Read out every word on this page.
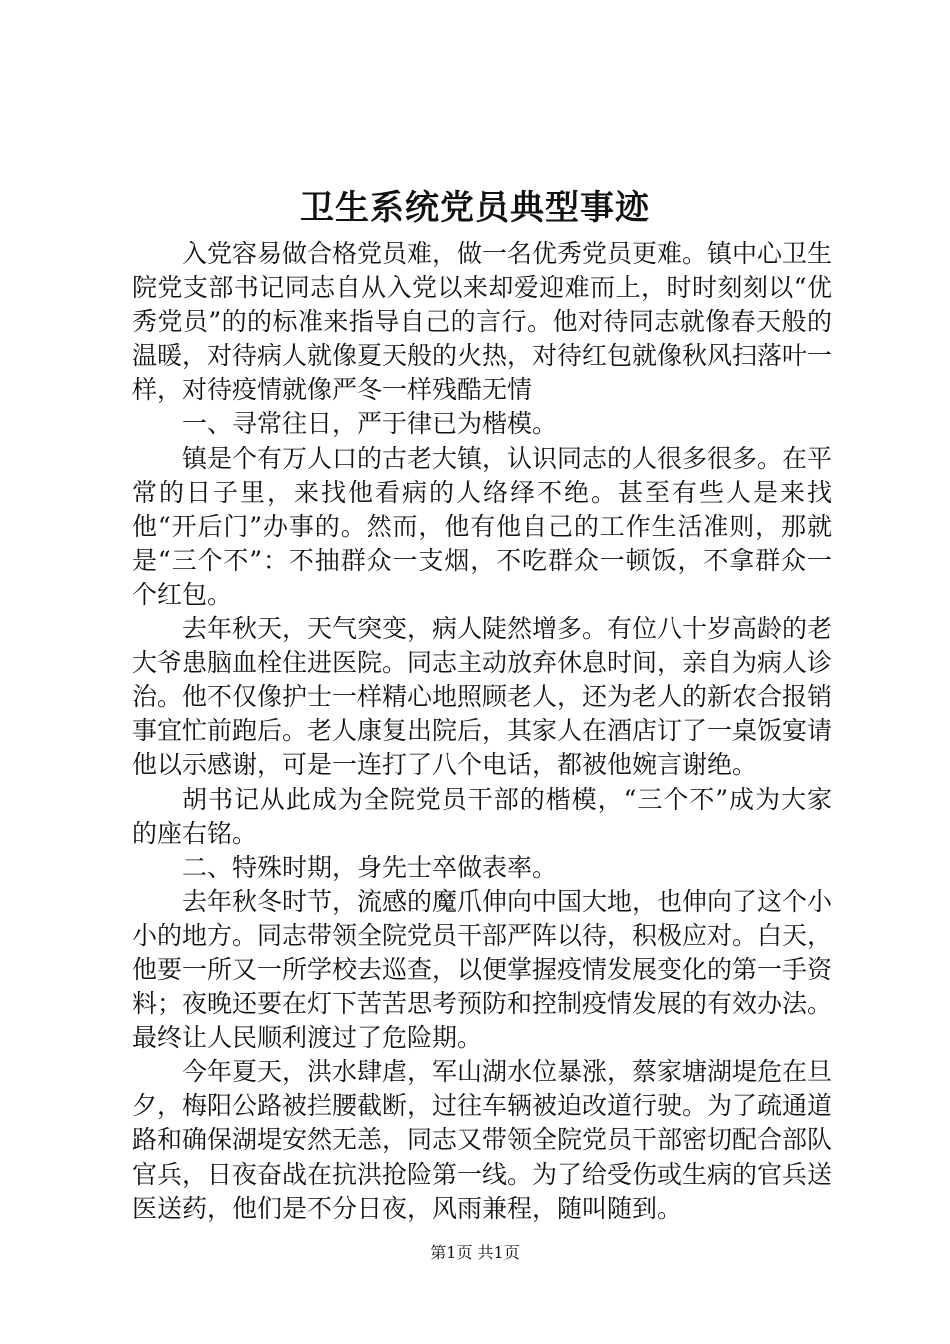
卫生系统党员典型事迹

入党容易做合格党员难，做一名优秀党员更难。镇中心卫生院党支部书记同志自从入党以来却爱迎难而上，时时刻刻以“优秀党员”的的标准来指导自己的言行。他对待同志就像春天般的温暖，对待病人就像夏天般的火热，对待红包就像秋风扫落叶一样，对待疫情就像严冬一样残酷无情

一、寻常往日，严于律已为楷模。

镇是个有万人口的古老大镇，认识同志的人很多很多。在平常的日子里，来找他看病的人络绎不绝。甚至有些人是来找他“开后门”办事的。然而，他有他自己的工作生活准则，那就是“三个不”：不抽群众一支烟，不吃群众一顿饭，不拿群众一个红包。

去年秋天，天气突变，病人陡然增多。有位八十岁高龄的老大爷患脑血栓住进医院。同志主动放弃休息时间，亲自为病人诊治。他不仅像护士一样精心地照顾老人，还为老人的新农合报销事宜忙前跑后。老人康复出院后，其家人在酒店订了一桌饭宴请他以示感谢，可是一连打了八个电话，都被他婉言谢绝。

胡书记从此成为全院党员干部的楷模，“三个不”成为大家的座右铭。

二、特殊时期，身先士卒做表率。

去年秋冬时节，流感的魔爪伸向中国大地，也伸向了这个小小的地方。同志带领全院党员干部严阵以待，积极应对。白天，他要一所又一所学校去巡查，以便掌握疫情发展变化的第一手资料；夜晚还要在灯下苦苦思考预防和控制疫情发展的有效办法。最终让人民顺利渡过了危险期。

今年夏天，洪水肆虐，军山湖水位暴涨，蔡家塘湖堤危在旦夕，梅阳公路被拦腰截断，过往车辆被迫改道行驶。为了疏通道路和确保湖堤安然无恙，同志又带领全院党员干部密切配合部队官兵，日夜奋战在抗洪抢险第一线。为了给受伤或生病的官兵送医送药，他们是不分日夜，风雨兼程，随叫随到。

第1页 共1页
